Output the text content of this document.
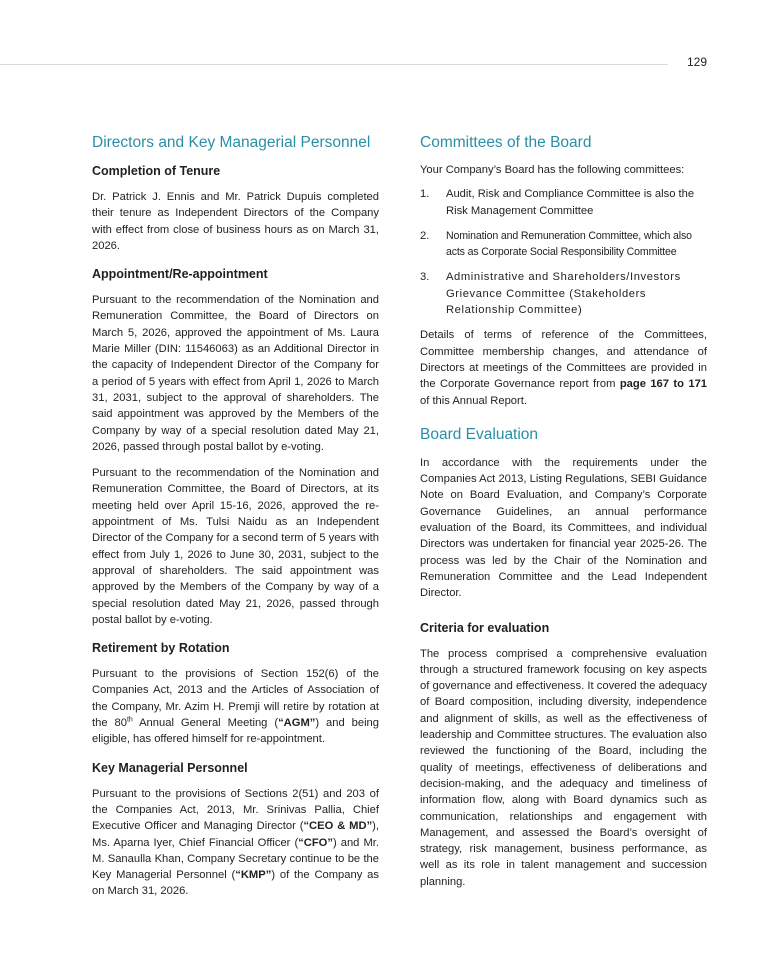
129
Directors and Key Managerial Personnel
Completion of Tenure

Dr. Patrick J. Ennis and Mr. Patrick Dupuis completed their tenure as Independent Directors of the Company with effect from close of business hours as on March 31, 2026.

Appointment/Re-appointment

Pursuant to the recommendation of the Nomination and Remuneration Committee, the Board of Directors on March 5, 2026, approved the appointment of Ms. Laura Marie Miller (DIN: 11546063) as an Additional Director in the capacity of Independent Director of the Company for a period of 5 years with effect from April 1, 2026 to March 31, 2031, subject to the approval of shareholders. The said appointment was approved by the Members of the Company by way of a special resolution dated May 21, 2026, passed through postal ballot by e-voting.

Pursuant to the recommendation of the Nomination and Remuneration Committee, the Board of Directors, at its meeting held over April 15-16, 2026, approved the re-appointment of Ms. Tulsi Naidu as an Independent Director of the Company for a second term of 5 years with effect from July 1, 2026 to June 30, 2031, subject to the approval of shareholders. The said appointment was approved by the Members of the Company by way of a special resolution dated May 21, 2026, passed through postal ballot by e-voting.

Retirement by Rotation

Pursuant to the provisions of Section 152(6) of the Companies Act, 2013 and the Articles of Association of the Company, Mr. Azim H. Premji will retire by rotation at the 80th Annual General Meeting (“AGM”) and being eligible, has offered himself for re-appointment.

Key Managerial Personnel

Pursuant to the provisions of Sections 2(51) and 203 of the Companies Act, 2013, Mr. Srinivas Pallia, Chief Executive Officer and Managing Director (“CEO & MD”), Ms. Aparna Iyer, Chief Financial Officer (“CFO”) and Mr. M. Sanaulla Khan, Company Secretary continue to be the Key Managerial Personnel (“KMP”) of the Company as on March 31, 2026.

Committees of the Board

Your Company’s Board has the following committees:

1. Audit, Risk and Compliance Committee is also the Risk Management Committee
2. Nomination and Remuneration Committee, which also acts as Corporate Social Responsibility Committee
3. Administrative and Shareholders/Investors Grievance Committee (Stakeholders Relationship Committee)

Details of terms of reference of the Committees, Committee membership changes, and attendance of Directors at meetings of the Committees are provided in the Corporate Governance report from page 167 to 171 of this Annual Report.

Board Evaluation

In accordance with the requirements under the Companies Act 2013, Listing Regulations, SEBI Guidance Note on Board Evaluation, and Company’s Corporate Governance Guidelines, an annual performance evaluation of the Board, its Committees, and individual Directors was undertaken for financial year 2025-26. The process was led by the Chair of the Nomination and Remuneration Committee and the Lead Independent Director.

Criteria for evaluation

The process comprised a comprehensive evaluation through a structured framework focusing on key aspects of governance and effectiveness. It covered the adequacy of Board composition, including diversity, independence and alignment of skills, as well as the effectiveness of leadership and Committee structures. The evaluation also reviewed the functioning of the Board, including the quality of meetings, effectiveness of deliberations and decision-making, and the adequacy and timeliness of information flow, along with Board dynamics such as communication, relationships and engagement with Management, and assessed the Board’s oversight of strategy, risk management, business performance, as well as its role in talent management and succession planning.
